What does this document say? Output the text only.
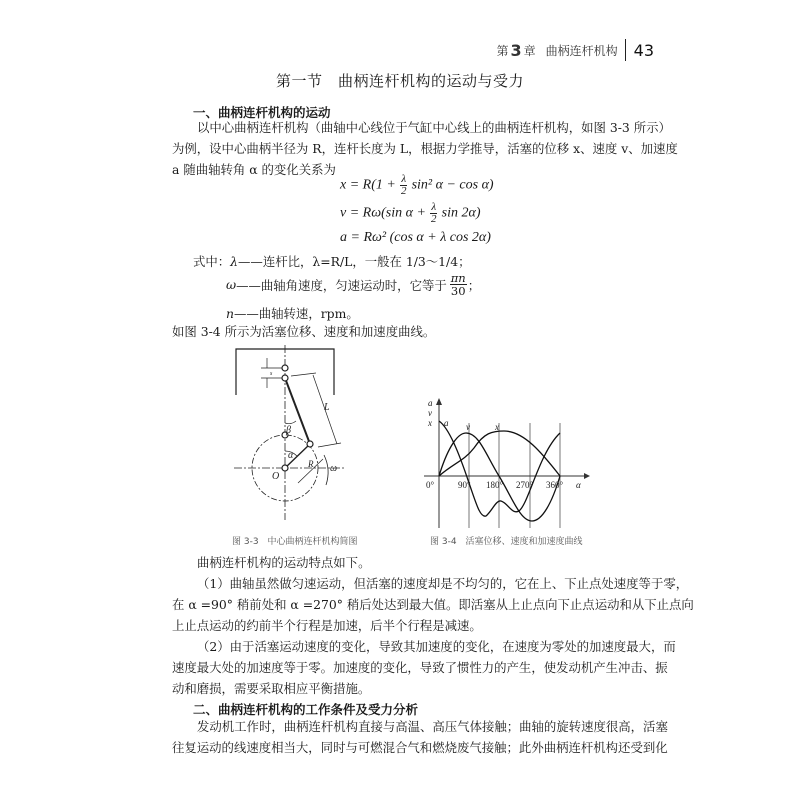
第 3 章 曲柄连杆机构 43
第一节　曲柄连杆机构的运动与受力
一、曲柄连杆机构的运动
以中心曲柄连杆机构（曲轴中心线位于气缸中心线上的曲柄连杆机构，如图 3-3 所示）
为例，设中心曲柄半径为 R，连杆长度为 L，根据力学推导，活塞的位移 x、速度 v、加速度
a 随曲轴转角 α 的变化关系为
$x = R(1 + \frac{\lambda}{2} \sin^2$ α − cos α)
v = Rω(sin $\alpha + \frac{\lambda}{2}$ sin 2α)
a = Rω² (cos α + λ cos 2α)
式中：λ——连杆比，λ=R/L，一般在 1/3～1/4；
ω ——曲轴角速度，匀速运动时，它等于 $\frac{\pi n}{30}$ ；
n——曲轴转速，rpm。
如图 3-4 所示为活塞位移、速度和加速度曲线。
L
β
α
R
O
ω
s
图 3-3　中心曲柄连杆机构简图
a
v
x a v	x
0°	90° 180° 270° 360° α
图 3-4　活塞位移、速度和加速度曲线
曲柄连杆机构的运动特点如下。
（1）曲轴虽然做匀速运动，但活塞的速度却是不均匀的，它在上、下止点处速度等于零，
在 α =90° 稍前处和 α =270° 稍后处达到最大值。即活塞从上止点向下止点运动和从下止点向
上止点运动的约前半个行程是加速，后半个行程是减速。
（2）由于活塞运动速度的变化，导致其加速度的变化，在速度为零处的加速度最大，而
速度最大处的加速度等于零。加速度的变化，导致了惯性力的产生，使发动机产生冲击、振
动和磨损，需要采取相应平衡措施。
二、曲柄连杆机构的工作条件及受力分析
发动机工作时，曲柄连杆机构直接与高温、高压气体接触；曲轴的旋转速度很高，活塞
往复运动的线速度相当大，同时与可燃混合气和燃烧废气接触；此外曲柄连杆机构还受到化
